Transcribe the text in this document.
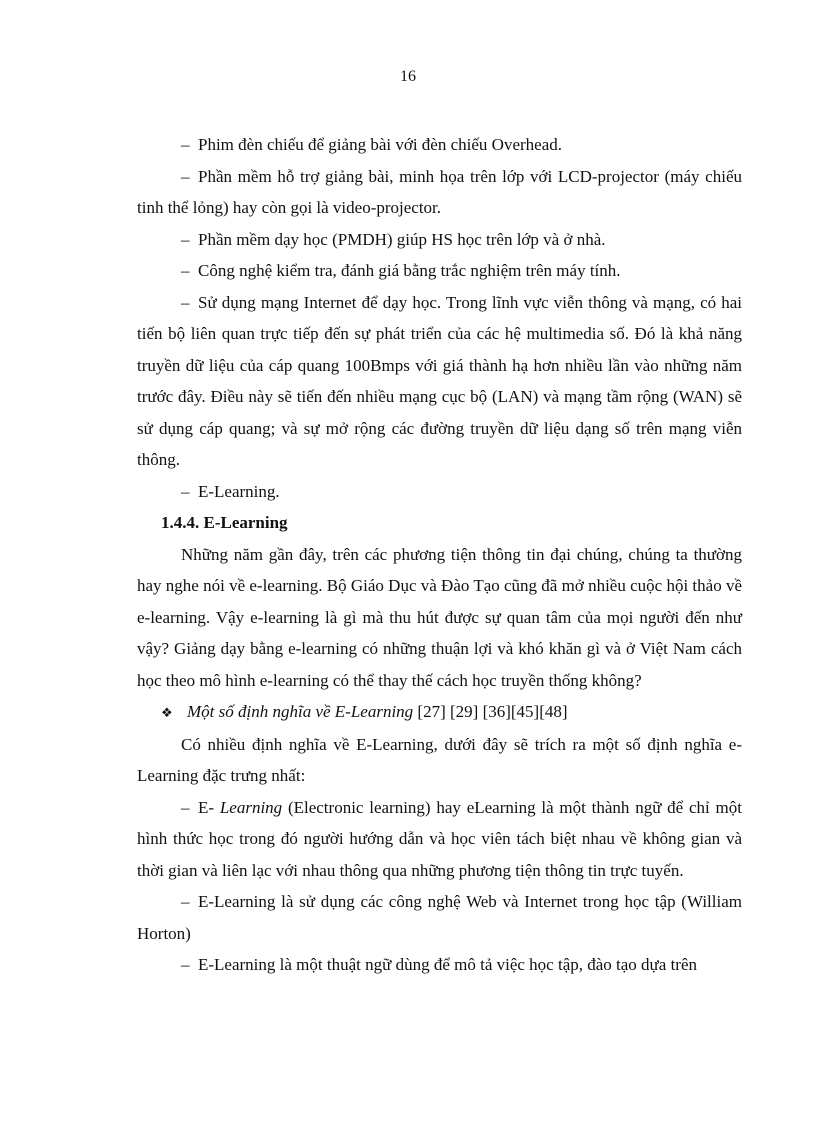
16

– Phim đèn chiếu để giảng bài với đèn chiếu Overhead.

– Phần mềm hỗ trợ giảng bài, minh họa trên lớp với LCD-projector (máy chiếu tinh thể lỏng) hay còn gọi là video-projector.

– Phần mềm dạy học (PMDH) giúp HS học trên lớp và ở nhà.

– Công nghệ kiểm tra, đánh giá bằng trắc nghiệm trên máy tính.

– Sử dụng mạng Internet để dạy học. Trong lĩnh vực viễn thông và mạng, có hai tiến bộ liên quan trực tiếp đến sự phát triển của các hệ multimedia số. Đó là khả năng truyền dữ liệu của cáp quang 100Bmps với giá thành hạ hơn nhiều lần vào những năm trước đây. Điều này sẽ tiến đến nhiều mạng cục bộ (LAN) và mạng tầm rộng (WAN) sẽ sử dụng cáp quang; và sự mở rộng các đường truyền dữ liệu dạng số trên mạng viễn thông.

– E-Learning.

1.4.4. E-Learning

Những năm gần đây, trên các phương tiện thông tin đại chúng, chúng ta thường hay nghe nói về e-learning. Bộ Giáo Dục và Đào Tạo cũng đã mở nhiều cuộc hội thảo về e-learning. Vậy e-learning là gì mà thu hút được sự quan tâm của mọi người đến như vậy? Giảng dạy bằng e-learning có những thuận lợi và khó khăn gì và ở Việt Nam cách học theo mô hình e-learning có thể thay thế cách học truyền thống không?

❖ Một số định nghĩa về E-Learning [27] [29] [36][45][48]

Có nhiều định nghĩa về E-Learning, dưới đây sẽ trích ra một số định nghĩa e-Learning đặc trưng nhất:

– E- Learning (Electronic learning) hay eLearning là một thành ngữ để chỉ một hình thức học trong đó người hướng dẫn và học viên tách biệt nhau về không gian và thời gian và liên lạc với nhau thông qua những phương tiện thông tin trực tuyến.

– E-Learning là sử dụng các công nghệ Web và Internet trong học tập (William Horton)

– E-Learning là một thuật ngữ dùng để mô tả việc học tập, đào tạo dựa trên
